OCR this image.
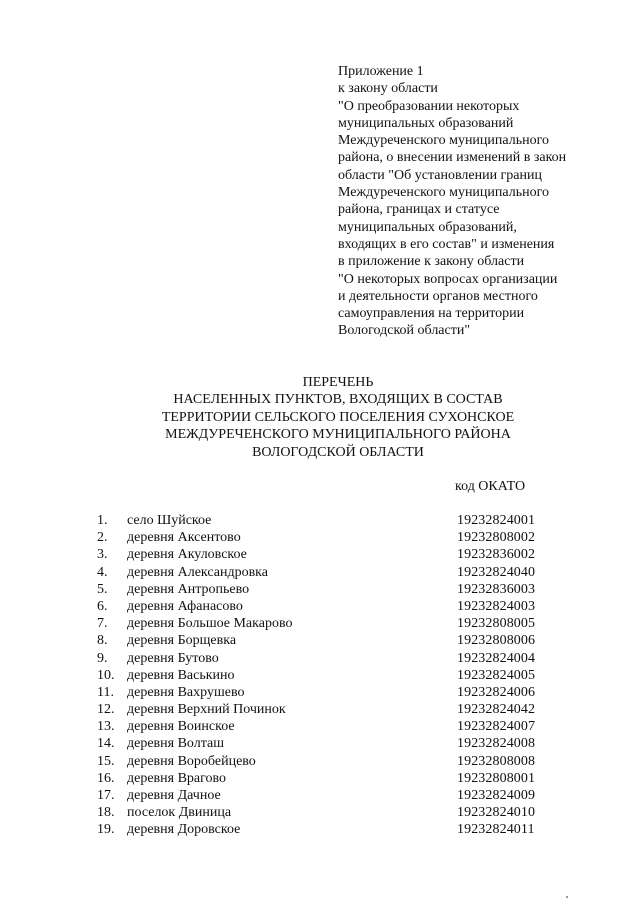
Приложение 1
к закону области
"О преобразовании некоторых
муниципальных образований
Междуреченского муниципального
района, о внесении изменений в закон
области "Об установлении границ
Междуреченского муниципального
района, границах и статусе
муниципальных образований,
входящих в его состав" и изменения
в приложение к закону области
"О некоторых вопросах организации
и деятельности органов местного
самоуправления на территории
Вологодской области"
ПЕРЕЧЕНЬ
НАСЕЛЕННЫХ ПУНКТОВ, ВХОДЯЩИХ В СОСТАВ
ТЕРРИТОРИИ СЕЛЬСКОГО ПОСЕЛЕНИЯ СУХОНСКОЕ
МЕЖДУРЕЧЕНСКОГО МУНИЦИПАЛЬНОГО РАЙОНА
ВОЛОГОДСКОЙ ОБЛАСТИ
код ОКАТО
1. село Шуйское	19232824001
2. деревня Аксентово	19232808002
3. деревня Акуловское	19232836002
4. деревня Александровка	19232824040
5. деревня Антропьево	19232836003
6. деревня Афанасово	19232824003
7. деревня Большое Макарово	19232808005
8. деревня Борщевка	19232808006
9. деревня Бутово	19232824004
10. деревня Васькино	19232824005
11. деревня Вахрушево	19232824006
12. деревня Верхний Починок	19232824042
13. деревня Воинское	19232824007
14. деревня Волташ	19232824008
15. деревня Воробейцево	19232808008
16. деревня Врагово	19232808001
17. деревня Дачное	19232824009
18. поселок Двиница	19232824010
19. деревня Доровское	19232824011
